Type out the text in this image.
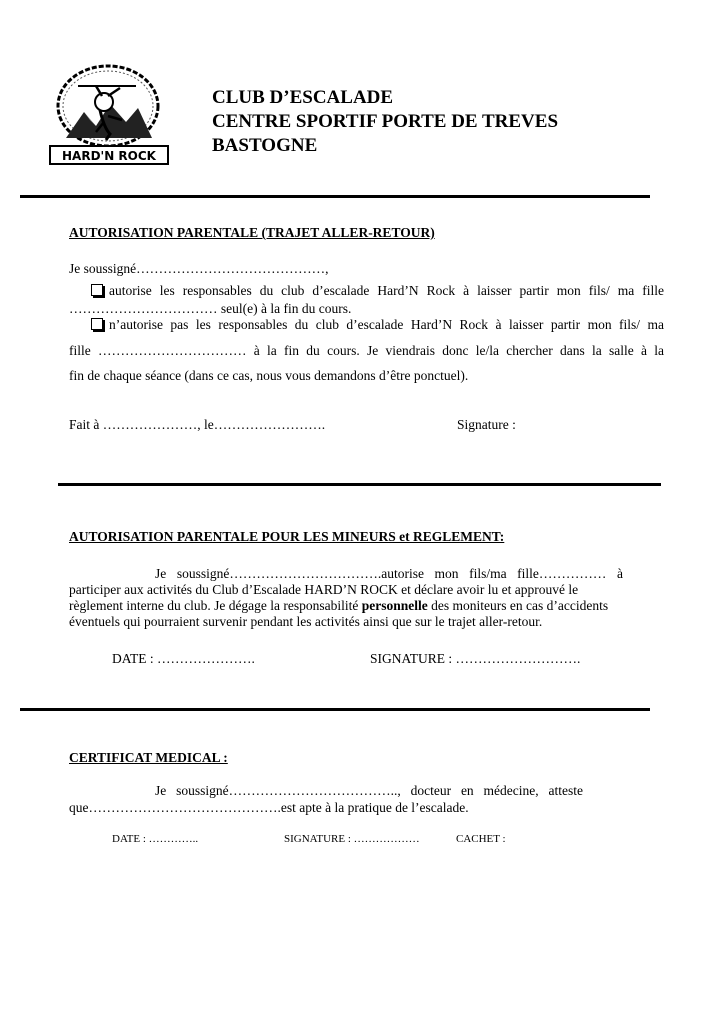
HARD'N ROCK
CLUB D’ESCALADE
CENTRE SPORTIF PORTE DE TREVES
BASTOGNE
AUTORISATION PARENTALE (TRAJET ALLER-RETOUR)
Je soussigné……………………………………,
autorise les responsables du club d’escalade Hard’N Rock à laisser partir mon fils/ ma fille
…………………………… seul(e) à la fin du cours.
n’autorise pas les responsables du club d’escalade Hard’N Rock à laisser partir mon fils/ ma
fille …………………………… à la fin du cours. Je viendrais donc le/la chercher dans la salle à la
fin de chaque séance (dans ce cas, nous vous demandons d’être ponctuel).
Fait à …………………, le…………………….	Signature :
AUTORISATION PARENTALE POUR LES MINEURS et REGLEMENT:
Je soussigné…………………………….autorise mon fils/ma fille…………… à
participer aux activités du Club d’Escalade HARD’N ROCK et déclare avoir lu et approuvé le
règlement interne du club. Je dégage la responsabilité personnelle des moniteurs en cas d’accidents
éventuels qui pourraient survenir pendant les activités ainsi que sur le trajet aller-retour.
DATE : ………………….	SIGNATURE : ……………………….
CERTIFICAT MEDICAL :
Je soussigné……………………………….., docteur en médecine, atteste
que…………………………………….est apte à la pratique de l’escalade.
DATE : …………..	SIGNATURE : ………………	CACHET :
